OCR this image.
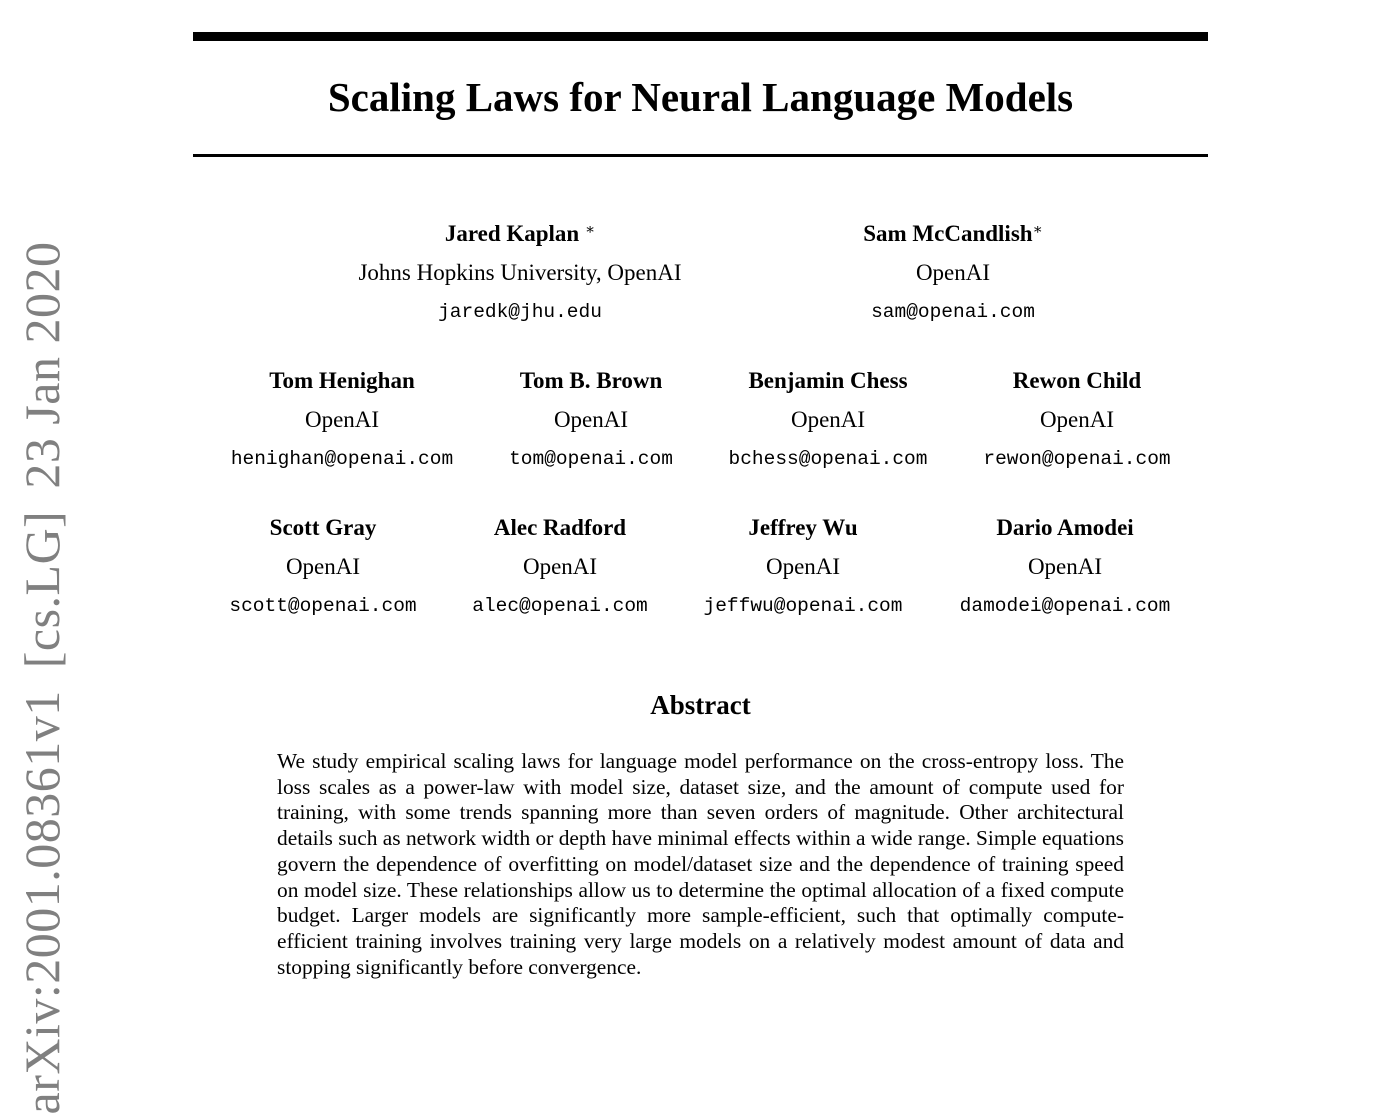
Scaling Laws for Neural Language Models
Jared Kaplan ∗
Johns Hopkins University, OpenAI
jaredk@jhu.edu
Sam McCandlish∗
OpenAI
sam@openai.com
Tom Henighan
OpenAI
henighan@openai.com
Tom B. Brown
OpenAI
tom@openai.com
Benjamin Chess
OpenAI
bchess@openai.com
Rewon Child
OpenAI
rewon@openai.com
Scott Gray
OpenAI
scott@openai.com
Alec Radford
OpenAI
alec@openai.com
Jeffrey Wu
OpenAI
jeffwu@openai.com
Dario Amodei
OpenAI
damodei@openai.com
Abstract

We study empirical scaling laws for language model performance on the cross-entropy loss. The loss scales as a power-law with model size, dataset size, and the amount of compute used for training, with some trends spanning more than seven orders of magnitude. Other architectural details such as network width or depth have minimal effects within a wide range. Simple equations govern the dependence of overfitting on model/dataset size and the dependence of training speed on model size. These relationships allow us to determine the optimal allocation of a fixed compute budget. Larger models are significantly more sample-efficient, such that optimally compute-efficient training involves training very large models on a relatively modest amount of data and stopping significantly before convergence.

arXiv:2001.08361v1[cs.LG]23 Jan 2020
